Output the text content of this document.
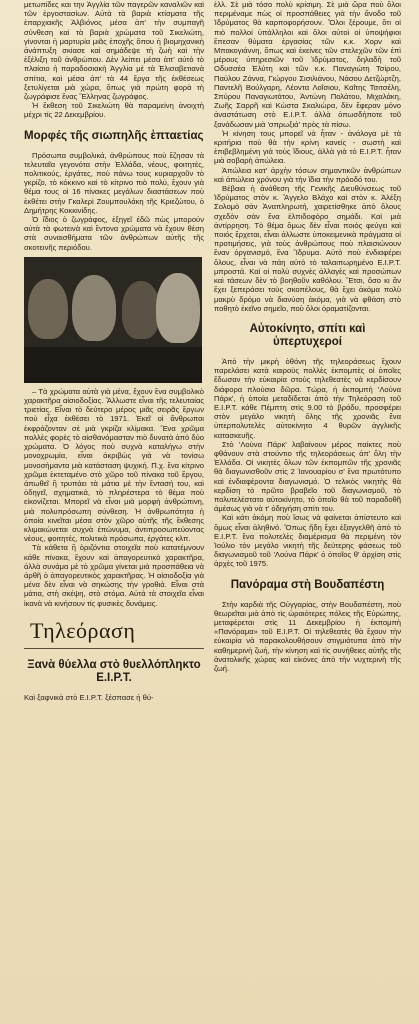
μετωπίδες και την Ἀγγλία τῶν παγερῶν καναλιῶν καὶ τῶν ἐργοστασίων. Αὐτὰ τὰ βαριὰ κτίσματα τῆς ἐπαρχιακῆς Ἀλβιόνος μέσα ἀπ' τὴν συμπαγῆ σύνθεση καὶ τὰ βαριὰ χρώματα τοῦ Σικελιώτη, γίνονται ἡ μαρτυρία μιᾶς ἐποχῆς ὅπου ἡ βιομηχανικὴ ἀνάπτυξη σκίασε καὶ σημάδεψε τὴ ζωὴ καὶ τὴν ἐξέλιξη τοῦ ἀνθρώπου. Δὲν λείπει μέσα ἀπ' αὐτὸ τὸ πλαίσιο ἡ παραδοσιακὴ Ἀγγλία μὲ τὰ Ἐλισαβετιανὰ σπίτια, καὶ μέσα ἀπ' τὰ 44 ἔργα τῆς ἐκθέσεως ξετυλίγεται μιὰ χώρα, ὅπως γιὰ πρώτη φορὰ τὴ ζωγράφισε ἕνας Ἕλληνας ζωγράφος.

Ἡ ἔκθεση τοῦ Σικελιώτη θὰ παραμείνη ἀνοιχτὴ μέχρι τίς 22 Δεκεμβρίου.

Μορφές τῆς σιωπηλῆς ἑπταετίας

Πρόσωπα συμβολικά, ἀνθρώπους ποὺ ἔζησαν τὰ τελευταῖα γεγονότα στὴν Ἑλλάδα, νέους, φοιτητές, πολιτικούς, ἐργάτες, ποὺ πάνω τους κυριαρχοῦν τὸ γκρίζο, τὸ κόκκινο καὶ τὸ κίτρινο πιὸ πολύ, ἔχουν γιὰ θέμα τους οἱ 16 πίνακες μεγάλων διαστάσεων ποὺ ἐκθέτει στὴν Γκαλερὶ Ζουμπουλάκη τῆς Κριεζώτου, ὁ Δημήτρης Κοκκινίδης.

Ὁ ἴδιος ὁ ζωγράφος, ἐξηγεῖ ἐδῶ πὼς μπορούν αὐτὰ τὰ φωτεινὰ καὶ ἔντονα χρώματα νὰ ἔχουν θέση στὰ συναισθήματα τῶν ἀνθρώπων αὐτῆς τῆς σκοτεινῆς περιόδου.

– Τὰ χρώματα αὐτὰ γιὰ μένα, ἔχουν ἕνα συμβολικὸ χαρακτῆρα αἰσιοδοξίας. Ἄλλωστε εἶναι τῆς τελευταίας τριετίας. Εἶναι τὸ δεύτερο μέρος μιᾶς σειρᾶς ἔργων ποὺ εἶχα ἐκθέσει τὸ 1971. Ἐκεῖ οἱ ἄνθρωποι ἐκφράζονταν σὲ μιὰ γκρίζα κλίμακα. Ἕνα χρῶμα πολλὲς φορὲς τὸ αἰσθανόμασταν πιὸ δυνατὰ ἀπὸ δύο χρώματα. Ὁ λόγος ποὺ συχνὰ καταλήγω στὴν μονοχρωμία, εἶναι ἀκριβὼς γιὰ νὰ τονίσω μονοσήμαντα μιὰ κατάσταση ψυχική. Π.χ. ἕνα κίτρινο χρῶμα ἐκτεταμένο στὸ χῶρο τοῦ πίνακα τοῦ ἔργου, ἀπωθεῖ ἢ τρυπάει τὰ μάτια μὲ τὴν ἔντασή του, καὶ ὁδηγεῖ, σχηματικά, τὸ πληρέστερα τὸ θέμα ποὺ εἰκονίζεται. Μπορεῖ νὰ εἶναι μιὰ μορφὴ ἀνθρώπινη, μιὰ πολυπρόσωπη σύνθεση. Ἡ ἀνθρωπότητα ἡ ὁποία κινεῖται μέσα στὸν χῶρο αὐτῆς τῆς ἔκθεσης κλιμακώνεται συχνὰ ἐπώνυμα, ἀντιπροσωπεύοντας νέους, φοιτητές, πολιτικὰ πρόσωπα, ἐργάτες κλπ.

Τὰ κάθετα ἢ ὁριζόντια στοιχεῖα ποὺ κατατέμνουν κάθε πίνακα, ἔχουν καὶ ἀπαγορευτικὸ χαρακτῆρα, ἀλλὰ συνάμα μὲ τὸ χρῶμα γίνεται μιὰ προσπάθεια νὰ ἀρθῆ ὁ ἀπαγορευτικὸς χαρακτῆρας. Ἡ αἰσιοδοξία γιὰ μένα δὲν εἶναι νὰ σηκώσης τὴν γροθιά. Εἶναι στὰ μάτια, στὴ σκέψη, στὸ στόμα. Αὐτὰ τὰ στοιχεῖα εἶναι ἱκανὰ νὰ κινήσουν τίς φυσικὲς δυνάμεις.

Τηλεόραση
Ξανὰ θύελλα στὸ θυελλόπληκτο Ε.Ι.Ρ.Τ.

Καὶ ξαφνικὰ στὸ Ε.Ι.Ρ.Τ. ξέσπασε ἡ θύ-

ἐλλ. Σὲ μιὰ τόσο πολὺ κρίσιμη. Σὲ μιὰ ὥρα ποὺ ὅλοι περιμέναμε πὼς οἱ προσπάθειες γιὰ τὴν ἄνοδο τοῦ Ἱδρύματος θὰ καρποφορήσουν. Ὅλοι ξέρουμε, ὅτι οἱ πιὸ πολλοί ὑπάλληλοι καὶ ὅλοι αὐτοὶ οἱ ὑποψήφιοι ἔπεσαν θύματα ἐργασίας τῶν κ.κ. Χορν καὶ Μπακογιάννη, ὅπως καὶ ἐκείνες τῶν στελεχῶν τῶν ἐπὶ μέρους ὑπηρεσιῶν τοῦ Ἱδρύματος, δηλαδὴ τοῦ Οδυσσέα Ἐλύτη καὶ τῶν κ.κ. Παναγιώτη Τσίρου, Παύλου Ζάννα, Γιώργου Σισιλιάνου, Νάσου Δετζώρτζη, Παντελῆ Βούλγαρη, Λέοντα Λοΐσιου, Καΐτης Τσιτσέλη, Σπύρου Παναγιωτάτου, Ἀντώνη Πολάτου, Μιχαλάκη, Ζωῆς Σαρρῆ καὶ Κώστα Σκαλιώρα, δὲν ἔφεραν μόνο ἀναστάτωση στὸ Ε.Ι.Ρ.Τ. ἀλλὰ ὁπωσδήποτε τοῦ ξανάδωσαν μιὰ 'σπρωξιά' πρὸς τὰ πίσω.

Ἡ κίνηση τους μπορεῖ νὰ ἦταν - ἀνάλογα μὲ τὰ κριτήρια ποὺ θὰ τὴν κρίνη κανείς - σωστὴ καὶ ἐπιβεβλημένη γιὰ τοὺς ἴδιους, ἀλλὰ γιὰ τὸ Ε.Ι.Ρ.Τ. ἦταν μιὰ σοβαρὴ ἀπώλεια.

Ἀπώλεια κατ' ἀρχὴν τόσων σημαντικῶν ἀνθρώπων καὶ ἀπώλεια χρόνου γιὰ τὴν ἴδια τὴν πρόοδό του.

Βέβαια ἡ ἀνάθεση τῆς Γενικῆς Διευθύνσεως τοῦ Ἱδρύματος στὸν κ. Ἄγγελο Βλάχο καὶ στὸν κ. Ἀλέξη Σολομὸ σὰν Ἀναπληρωτή, χαιρετίσθηκε ἀπὸ ὅλους σχεδὸν σὰν ἕνα ἐλπιδοφόρο σημάδι. Καὶ μιὰ ἀντίρρηση. Τὸ θέμα ὅμως δὲν εἶναι ποιός φεύγει καὶ ποιός ἔρχεται, εἶναι ἀλλωστε ὑποκειμενικὰ πράγματα οἱ προτιμήσεις, γιὰ τοὺς ἀνθρώπους ποὺ πλαισιώνουν ἕναν ὀργανισμό, ἕνα Ἵδρυμα. Αὐτὸ ποὺ ἐνδιαφέρει ὅλους, εἶναι νὰ πάη αὐτὸ τὸ ταλαιπωρημένο Ε.Ι.Ρ.Τ. μπροστά. Καὶ οἱ πολὺ συχνὲς ἀλλαγὲς καὶ προσώπων καὶ τάσεων δὲν τὸ βοηθοῦν καθόλου. Ἔτσι, ὅσο κι ἂν ἔχει ξεπεράσει τοὺς σκοπέλους, θὰ ἔχει ἀκόμα πολὺ μακρὺ δρόμο νὰ διανύση ἀκόμα, γιὰ νὰ φθάση στὸ ποθητὸ ἐκεῖνο σημεῖο, ποὺ ὅλοι ὀραματίζονται.

Αὐτοκίνητο, σπίτι καὶ ὑπερτυχεροί

Ἀπὸ τὴν μικρὴ ὀθόνη τῆς τηλεοράσεως ἔχουν παρελάσει κατὰ καιροὺς πολλὲς ἐκπομπὲς οἱ ὁποῖες ἔδωσαν τὴν εὐκαιρία στοὺς τηλεθεατὲς νὰ κερδίσουν διάφορα πλούσια δῶρα. Τώρα, ἡ ἐκπομπὴ 'Λούνα Πάρκ', ἡ ὁποία μεταδίδεται ἀπὸ τὴν Τηλεόραση τοῦ Ε.Ι.Ρ.Τ. κάθε Πέμπτη στὶς 9.00 τὸ βράδυ, προσφέρει στὸν μεγάλο νικητὴ ὅλης τῆς χρονιᾶς ἕνα ὑπερπολυτελὲς αὐτοκίνητο 4 θυρῶν ἀγγλικῆς κατασκευῆς.

Στὸ 'Λούνα Πάρκ' λαβαίνουν μέρος παίκτες ποὺ φθάνουν στὰ στούντιο τῆς τηλεοράσεως ἀπ' ὅλη τὴν Ἑλλάδα. Οἱ νικητὲς ὅλων τῶν ἐκπομπῶν τῆς χρονιᾶς θὰ διαγωνισθοῦν στὶς 2 Ἰανουαρίου σ' ἕνα πρωτότυπο καὶ ἐνδιαφέροντα διαγωνισμό. Ὁ τελικὸς νικητὴς θὰ κερδίση τὸ πρῶτο βραβεῖο τοῦ διαγωνισμοῦ, τὸ πολυτελέστατο αὐτοκίνητο, τὸ ὁποῖο θὰ τοῦ παραδοθῆ ἀμέσως γιὰ νὰ τ' ὁδηγήση σπίτι του.

Καὶ κάτι ἀκόμη ποὺ ἴσως νὰ φαίνεται ἀπίστευτο καὶ ὅμως εἶναι ἀληθινό. Ὅπως ἤδη ἔχει ἐξαγγελθῆ ἀπὸ τὸ Ε.Ι.Ρ.Τ. ἕνα πολυτελὲς διαμέρισμα θὰ περιμένη τὸν Ἰούλιο τὸν μεγάλο νικητὴ τῆς δεύτερης φάσεως τοῦ διαγωνισμοῦ τοῦ 'Λούνα Πάρκ' ὁ ὁποῖος θ' ἀρχίση στὶς ἀρχὲς τοῦ 1975.

Πανόραμα στὴ Βουδαπέστη

Στὴν καρδιὰ τῆς Οὐγγαρίας, στὴν Βουδαπέστη, ποὺ θεωρεῖται μιὰ ἀπὸ τὶς ὡραιότερες πόλεις τῆς Εὐρώπης, μεταφέρεται στὶς 11 Δεκεμβρίου ἡ ἐκπομπὴ «Πανόραμα» τοῦ Ε.Ι.Ρ.Τ. Οἱ τηλεθεατὲς θὰ ἔχουν τὴν εὐκαιρία νὰ παρακολουθήσουν στιγμιότυπα ἀπὸ τὴν καθημερινὴ ζωή, τὴν κίνηση καὶ τὶς συνήθειες αὐτῆς τῆς ἀνατολικῆς χώρας καὶ εἰκόνες ἀπὸ τὴν νυχτερινὴ τῆς ζωή.
